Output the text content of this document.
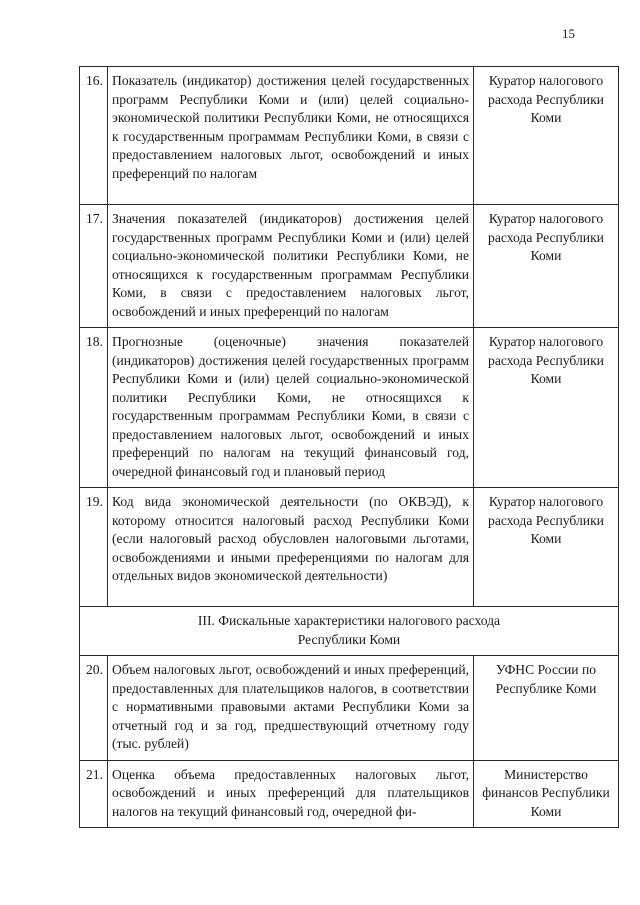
15
16.	Показатель (индикатор) достижения целей государственных программ Республики Коми и (или) целей социально-экономической политики Республики Коми, не относящихся к государственным программам Республики Коми, в связи с предоставлением налоговых льгот, освобождений и иных преференций по налогам	Куратор налогового расхода Республики Коми
17.	Значения показателей (индикаторов) достижения целей государственных программ Республики Коми и (или) целей социально-экономической политики Республики Коми, не относящихся к государственным программам Республики Коми, в связи с предоставлением налоговых льгот, освобождений и иных преференций по налогам	Куратор налогового расхода Республики Коми
18.	Прогнозные (оценочные) значения показателей (индикаторов) достижения целей государственных программ Республики Коми и (или) целей социально-экономической политики Республики Коми, не относящихся к государственным программам Республики Коми, в связи с предоставлением налоговых льгот, освобождений и иных преференций по налогам на текущий финансовый год, очередной финансовый год и плановый период	Куратор налогового расхода Республики Коми
19.	Код вида экономической деятельности (по ОКВЭД), к которому относится налоговый расход Республики Коми (если налоговый расход обусловлен налоговыми льготами, освобождениями и иными преференциями по налогам для отдельных видов экономической деятельности)	Куратор налогового расхода Республики Коми

III. Фискальные характеристики налогового расхода
Республики Коми		

20.	Объем налоговых льгот, освобождений и иных преференций, предоставленных для плательщиков налогов, в соответствии с нормативными правовыми актами Республики Коми за отчетный год и за год, предшествующий отчетному году (тыс. рублей)	УФНС России по Республике Коми
21.	Оценка объема предоставленных налоговых льгот, освобождений и иных преференций для плательщиков налогов на текущий финансовый год, очередной фи-	Министерство финансов Республики Коми
